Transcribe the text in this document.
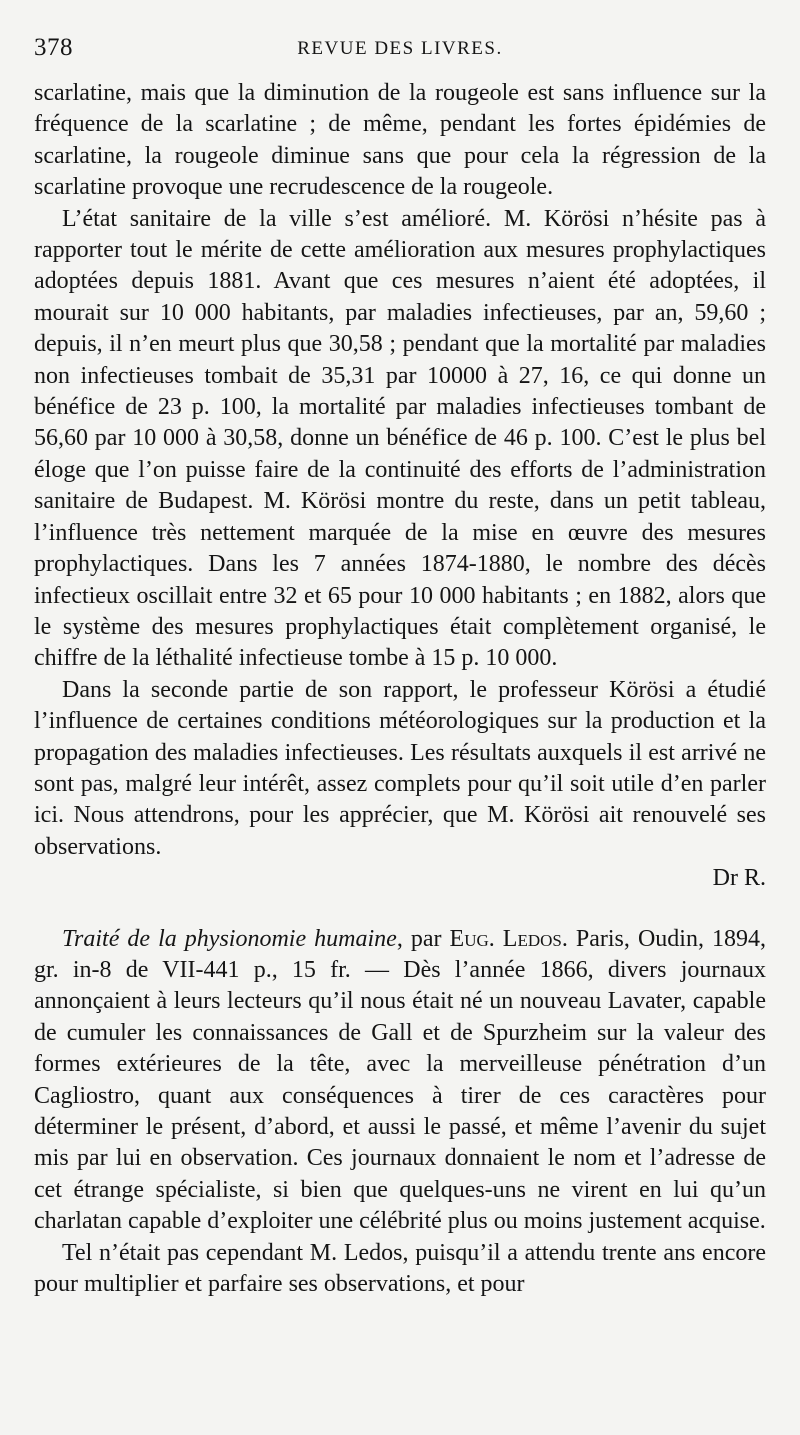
378	REVUE DES LIVRES.

scarlatine, mais que la diminution de la rougeole est sans influence sur la fréquence de la scarlatine ; de même, pendant les fortes épidémies de scarlatine, la rougeole diminue sans que pour cela la régression de la scarlatine provoque une recrudescence de la rougeole.

L’état sanitaire de la ville s’est amélioré. M. Körösi n’hésite pas à rapporter tout le mérite de cette amélioration aux mesures prophylactiques adoptées depuis 1881. Avant que ces mesures n’aient été adoptées, il mourait sur 10 000 habitants, par maladies infectieuses, par an, 59,60 ; depuis, il n’en meurt plus que 30,58 ; pendant que la mortalité par maladies non infectieuses tombait de 35,31 par 10000 à 27, 16, ce qui donne un bénéfice de 23 p. 100, la mortalité par maladies infectieuses tombant de 56,60 par 10 000 à 30,58, donne un bénéfice de 46 p. 100. C’est le plus bel éloge que l’on puisse faire de la continuité des efforts de l’administration sanitaire de Budapest. M. Körösi montre du reste, dans un petit tableau, l’influence très nettement marquée de la mise en œuvre des mesures prophylactiques. Dans les 7 années 1874-1880, le nombre des décès infectieux oscillait entre 32 et 65 pour 10 000 habitants ; en 1882, alors que le système des mesures prophylactiques était complètement organisé, le chiffre de la léthalité infectieuse tombe à 15 p. 10 000.

Dans la seconde partie de son rapport, le professeur Körösi a étudié l’influence de certaines conditions météorologiques sur la production et la propagation des maladies infectieuses. Les résultats auxquels il est arrivé ne sont pas, malgré leur intérêt, assez complets pour qu’il soit utile d’en parler ici. Nous attendrons, pour les apprécier, que M. Körösi ait renouvelé ses observations.
Dr R.

Traité de la physionomie humaine, par Eug. Ledos. Paris, Oudin, 1894, gr. in-8 de VII-441 p., 15 fr. — Dès l’année 1866, divers journaux annonçaient à leurs lecteurs qu’il nous était né un nouveau Lavater, capable de cumuler les connaissances de Gall et de Spurzheim sur la valeur des formes extérieures de la tête, avec la merveilleuse pénétration d’un Cagliostro, quant aux conséquences à tirer de ces caractères pour déterminer le présent, d’abord, et aussi le passé, et même l’avenir du sujet mis par lui en observation. Ces journaux donnaient le nom et l’adresse de cet étrange spécialiste, si bien que quelques-uns ne virent en lui qu’un charlatan capable d’exploiter une célébrité plus ou moins justement acquise.

Tel n’était pas cependant M. Ledos, puisqu’il a attendu trente ans encore pour multiplier et parfaire ses observations, et pour
